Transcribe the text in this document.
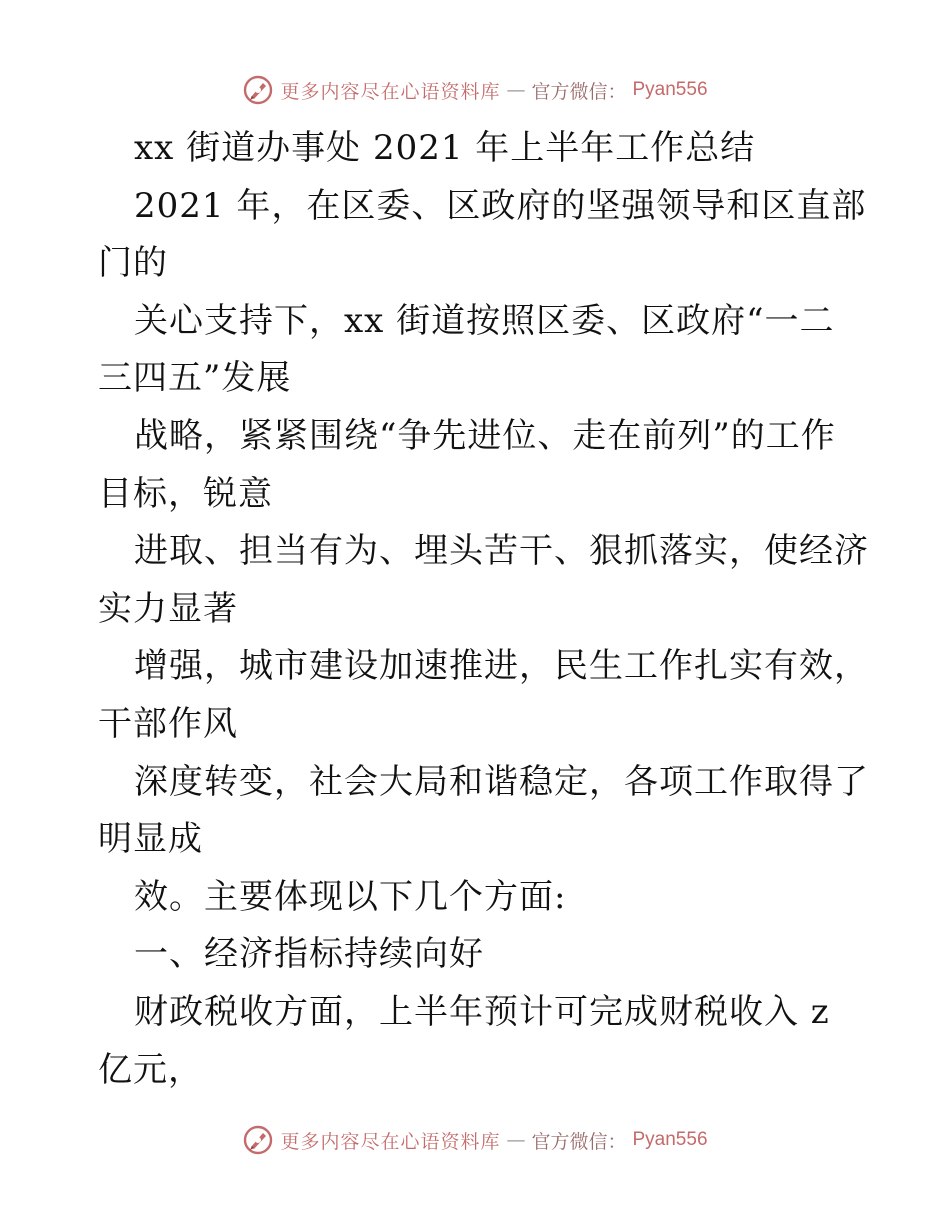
更多内容尽在心语资料库 — 官方微信： Pyan556
xx 街道办事处 2021 年上半年工作总结
2021 年，在区委、区政府的坚强领导和区直部
门的
关心支持下，xx 街道按照区委、区政府“一二
三四五”发展
战略，紧紧围绕“争先进位、走在前列”的工作
目标，锐意
进取、担当有为、埋头苦干、狠抓落实，使经济
实力显著
增强，城市建设加速推进，民生工作扎实有效，
干部作风
深度转变，社会大局和谐稳定，各项工作取得了
明显成
效。主要体现以下几个方面:
一、经济指标持续向好
财政税收方面，上半年预计可完成财税收入 z
亿元，
更多内容尽在心语资料库 — 官方微信： Pyan556
